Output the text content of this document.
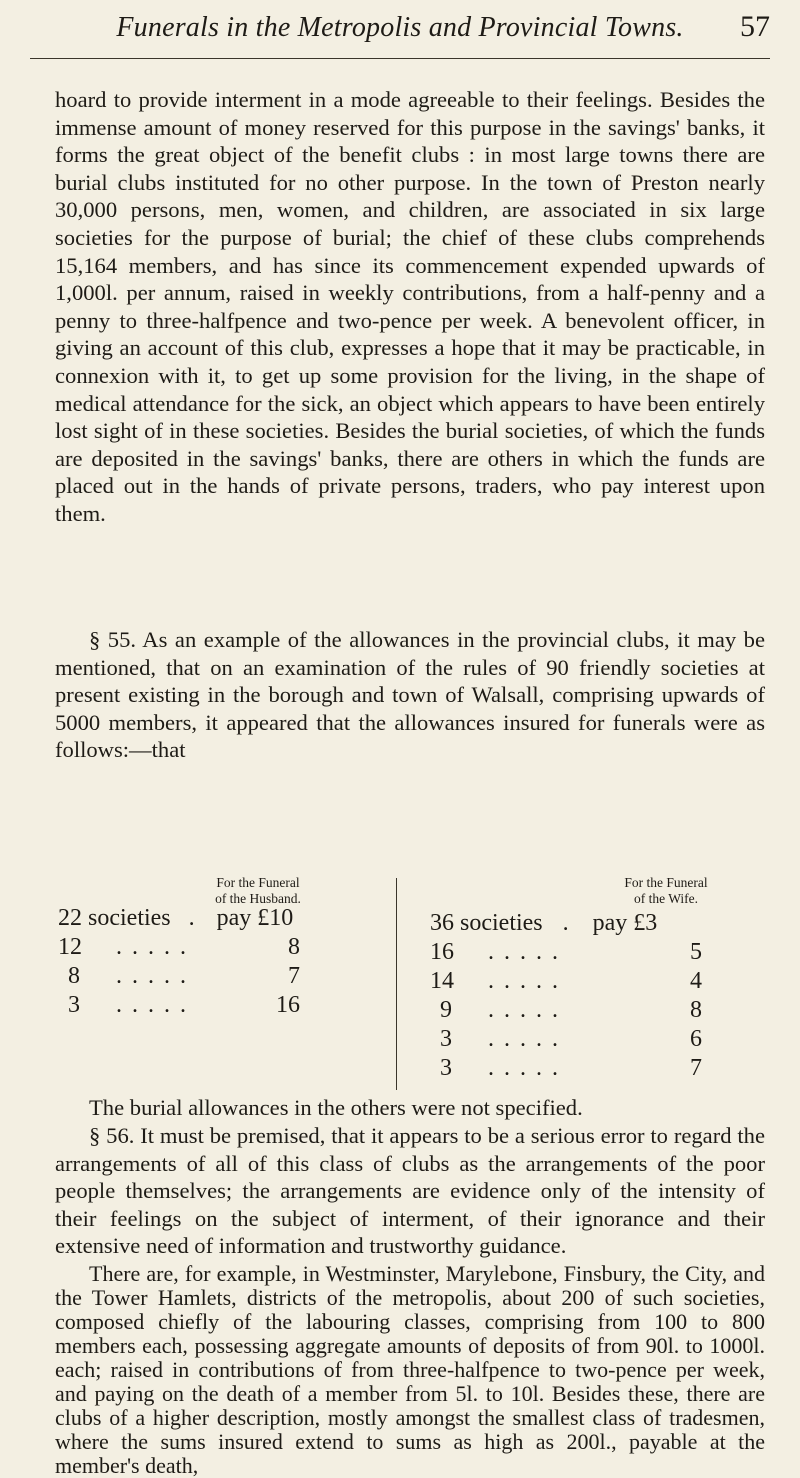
Funerals in the Metropolis and Provincial Towns.	57
hoard to provide interment in a mode agreeable to their feelings. Besides the immense amount of money reserved for this purpose in the savings' banks, it forms the great object of the benefit clubs : in most large towns there are burial clubs instituted for no other purpose. In the town of Preston nearly 30,000 persons, men, women, and children, are associated in six large societies for the purpose of burial; the chief of these clubs comprehends 15,164 members, and has since its commencement expended upwards of 1,000l. per annum, raised in weekly contributions, from a half-penny and a penny to three-halfpence and two-pence per week. A benevolent officer, in giving an account of this club, expresses a hope that it may be practicable, in connexion with it, to get up some provision for the living, in the shape of medical attendance for the sick, an object which appears to have been entirely lost sight of in these societies. Besides the burial societies, of which the funds are deposited in the savings' banks, there are others in which the funds are placed out in the hands of private persons, traders, who pay interest upon them.
§ 55. As an example of the allowances in the provincial clubs, it may be mentioned, that on an examination of the rules of 90 friendly societies at present existing in the borough and town of Walsall, comprising upwards of 5000 members, it appeared that the allowances insured for funerals were as follows:—that
For the Funeral
of the Husband.
22 societies . pay £10
12 . . . . .	8
8 . . . . .	7
3 . . . . .	16
For the Funeral
of the Wife.
36 societies . pay £3
16 . . . . .	5
14 . . . . .	4
9 . . . . .	8
3 . . . . .	6
3 . . . . .	7
The burial allowances in the others were not specified.
§ 56. It must be premised, that it appears to be a serious error to regard the arrangements of all of this class of clubs as the arrangements of the poor people themselves; the arrangements are evidence only of the intensity of their feelings on the subject of interment, of their ignorance and their extensive need of information and trustworthy guidance.
There are, for example, in Westminster, Marylebone, Finsbury, the City, and the Tower Hamlets, districts of the metropolis, about 200 of such societies, composed chiefly of the labouring classes, comprising from 100 to 800 members each, possessing aggregate amounts of deposits of from 90l. to 1000l. each; raised in contributions of from three-halfpence to two-pence per week, and paying on the death of a member from 5l. to 10l. Besides these, there are clubs of a higher description, mostly amongst the smallest class of tradesmen, where the sums insured extend to sums as high as 200l., payable at the member's death,
